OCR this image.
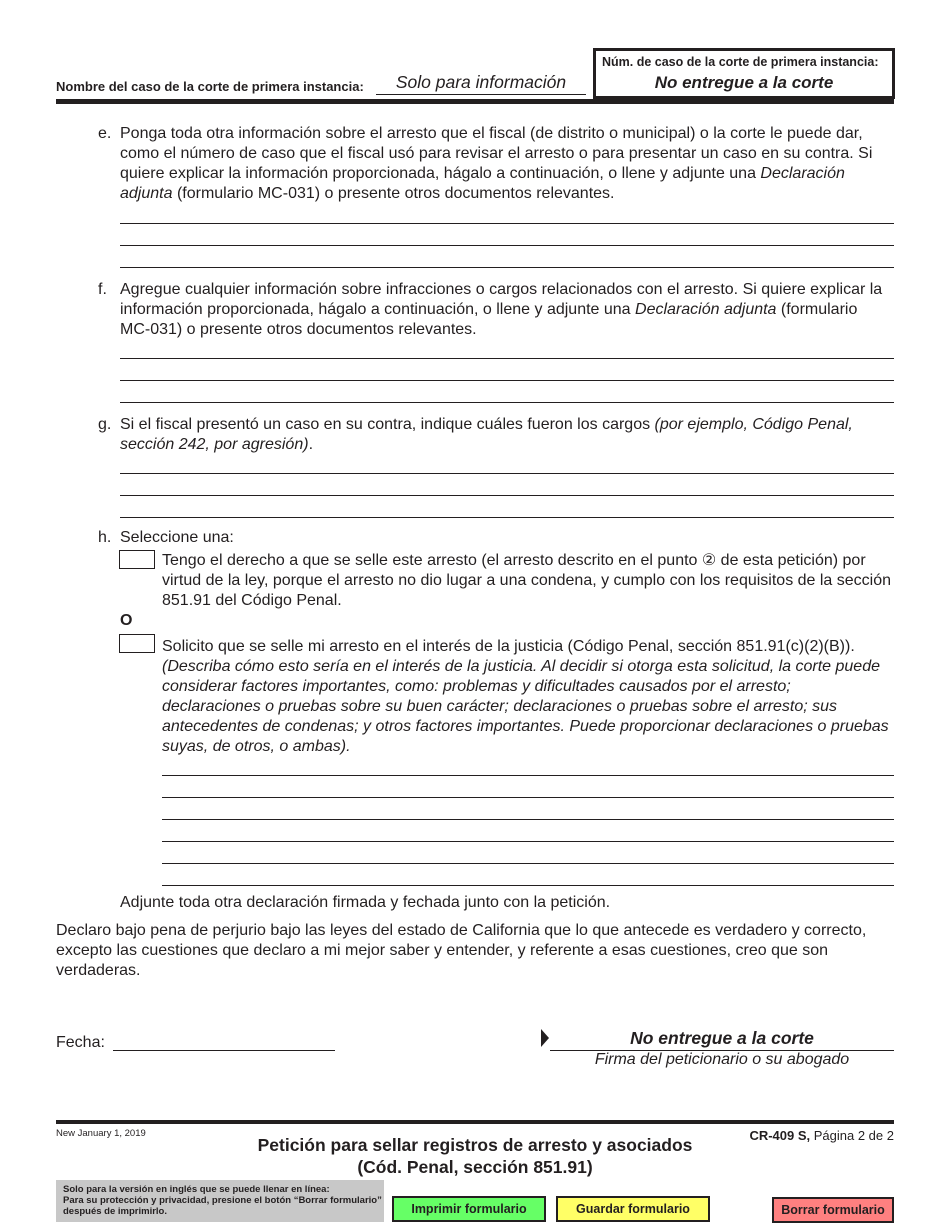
Nombre del caso de la corte de primera instancia:	Solo para información
Núm. de caso de la corte de primera instancia:
No entregue a la corte
e. Ponga toda otra información sobre el arresto que el fiscal (de distrito o municipal) o la corte le puede dar, como el número de caso que el fiscal usó para revisar el arresto o para presentar un caso en su contra. Si quiere explicar la información proporcionada, hágalo a continuación, o llene y adjunte una Declaración adjunta (formulario MC-031) o presente otros documentos relevantes.
f. Agregue cualquier información sobre infracciones o cargos relacionados con el arresto. Si quiere explicar la información proporcionada, hágalo a continuación, o llene y adjunte una Declaración adjunta (formulario MC-031) o presente otros documentos relevantes.
g. Si el fiscal presentó un caso en su contra, indique cuáles fueron los cargos (por ejemplo, Código Penal, sección 242, por agresión).
h. Seleccione una:
Tengo el derecho a que se selle este arresto (el arresto descrito en el punto ② de esta petición) por virtud de la ley, porque el arresto no dio lugar a una condena, y cumplo con los requisitos de la sección 851.91 del Código Penal.
O
Solicito que se selle mi arresto en el interés de la justicia (Código Penal, sección 851.91(c)(2)(B)).
(Describa cómo esto sería en el interés de la justicia. Al decidir si otorga esta solicitud, la corte puede considerar factores importantes, como: problemas y dificultades causados por el arresto; declaraciones o pruebas sobre su buen carácter; declaraciones o pruebas sobre el arresto; sus antecedentes de condenas; y otros factores importantes. Puede proporcionar declaraciones o pruebas suyas, de otros, o ambas).
Adjunte toda otra declaración firmada y fechada junto con la petición.
Declaro bajo pena de perjurio bajo las leyes del estado de California que lo que antecede es verdadero y correcto, excepto las cuestiones que declaro a mi mejor saber y entender, y referente a esas cuestiones, creo que son verdaderas.
Fecha:	No entregue a la corte
Firma del peticionario o su abogado
New January 1, 2019
Petición para sellar registros de arresto y asociados
(Cód. Penal, sección 851.91)
CR-409 S, Página 2 de 2
Solo para la versión en inglés que se puede llenar en línea:
Para su protección y privacidad, presione el botón “Borrar formulario”
después de imprimirlo.	Imprimir formulario	Guardar formulario	Borrar formulario
